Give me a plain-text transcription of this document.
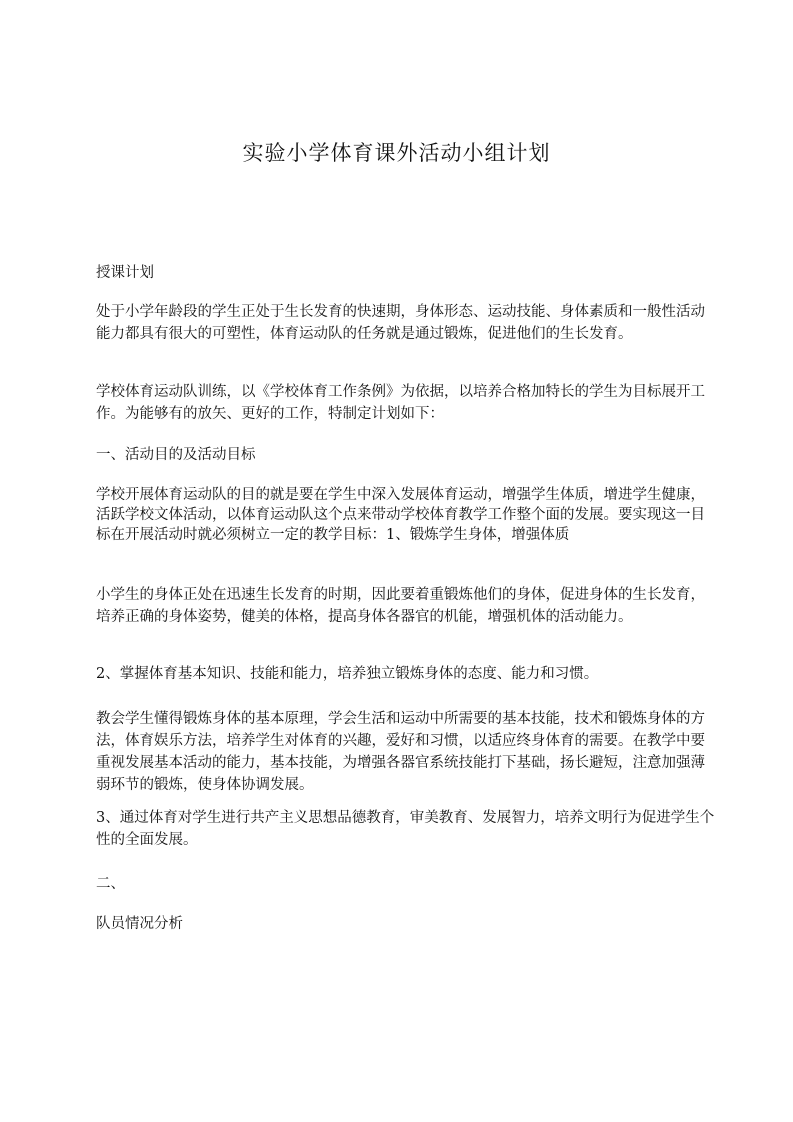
实验小学体育课外活动小组计划

授课计划

处于小学年龄段的学生正处于生长发育的快速期，身体形态、运动技能、身体素质和一般性活动能力都具有很大的可塑性，体育运动队的任务就是通过锻炼，促进他们的生长发育。

学校体育运动队训练，以《学校体育工作条例》为依据，以培养合格加特长的学生为目标展开工作。为能够有的放矢、更好的工作，特制定计划如下：

一、活动目的及活动目标

学校开展体育运动队的目的就是要在学生中深入发展体育运动，增强学生体质，增进学生健康，活跃学校文体活动，以体育运动队这个点来带动学校体育教学工作整个面的发展。要实现这一目标在开展活动时就必须树立一定的教学目标：1、锻炼学生身体，增强体质

小学生的身体正处在迅速生长发育的时期，因此要着重锻炼他们的身体，促进身体的生长发育，培养正确的身体姿势，健美的体格，提高身体各器官的机能，增强机体的活动能力。

2、掌握体育基本知识、技能和能力，培养独立锻炼身体的态度、能力和习惯。

教会学生懂得锻炼身体的基本原理，学会生活和运动中所需要的基本技能，技术和锻炼身体的方法，体育娱乐方法，培养学生对体育的兴趣，爱好和习惯，以适应终身体育的需要。在教学中要重视发展基本活动的能力，基本技能，为增强各器官系统技能打下基础，扬长避短，注意加强薄弱环节的锻炼，使身体协调发展。

3、通过体育对学生进行共产主义思想品德教育，审美教育、发展智力，培养文明行为促进学生个性的全面发展。

二、

队员情况分析
